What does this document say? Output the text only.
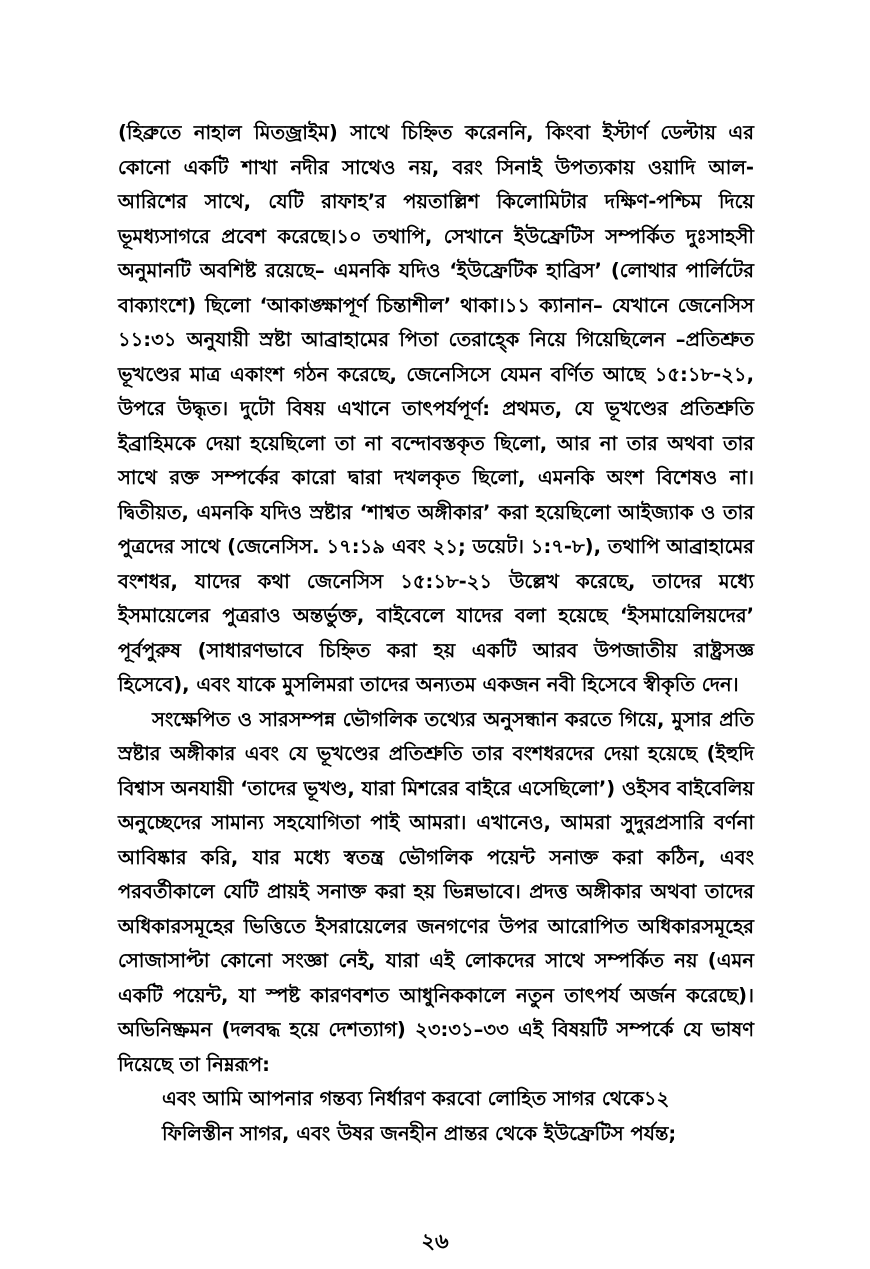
(হিব্রুতে নাহাল মিতজ্রাইম) সাথে চিহ্নিত করেননি, কিংবা ইস্টার্ণ ডেল্টায় এর কোনো একটি শাখা নদীর সাথেও নয়, বরং সিনাই উপত্যকায় ওয়াদি আল-আরিশের সাথে, যেটি রাফাহ’র পয়তাল্লিশ কিলোমিটার দক্ষিণ-পশ্চিম দিয়ে ভূমধ্যসাগরে প্রবেশ করেছে।১০ তথাপি, সেখানে ইউফ্রেটিস সম্পর্কিত দুঃসাহসী অনুমানটি অবশিষ্ট রয়েছে– এমনকি যদিও ‘ইউফ্রেটিক হাব্রিস’ (লোথার পার্লিটের বাক্যাংশে) ছিলো ‘আকাঙ্ক্ষাপূর্ণ চিন্তাশীল’ থাকা।১১ ক্যানান– যেখানে জেনেসিস ১১:৩১ অনুযায়ী স্রষ্টা আব্রাহামের পিতা তেরাহ্কে নিয়ে গিয়েছিলেন –প্রতিশ্রুত ভূখণ্ডের মাত্র একাংশ গঠন করেছে, জেনেসিসে যেমন বর্ণিত আছে ১৫:১৮-২১, উপরে উদ্ধৃত। দুটো বিষয় এখানে তাৎপর্যপূর্ণ: প্রথমত, যে ভূখণ্ডের প্রতিশ্রুতি ইব্রাহিমকে দেয়া হয়েছিলো তা না বন্দোবস্তকৃত ছিলো, আর না তার অথবা তার সাথে রক্ত সম্পর্কের কারো দ্বারা দখলকৃত ছিলো, এমনকি অংশ বিশেষও না। দ্বিতীয়ত, এমনকি যদিও স্রষ্টার ‘শাশ্বত অঙ্গীকার’ করা হয়েছিলো আইজ্যাক ও তার পুত্রদের সাথে (জেনেসিস. ১৭:১৯ এবং ২১; ডয়েট। ১:৭-৮), তথাপি আব্রাহামের বংশধর, যাদের কথা জেনেসিস ১৫:১৮-২১ উল্লেখ করেছে, তাদের মধ্যে ইসমায়েলের পুত্ররাও অন্তর্ভুক্ত, বাইবেলে যাদের বলা হয়েছে ‘ইসমায়েলিয়দের’ পূর্বপুরুষ (সাধারণভাবে চিহ্নিত করা হয় একটি আরব উপজাতীয় রাষ্ট্রসজ্ঞ হিসেবে), এবং যাকে মুসলিমরা তাদের অন্যতম একজন নবী হিসেবে স্বীকৃতি দেন।

সংক্ষেপিত ও সারসম্পন্ন ভৌগলিক তথ্যের অনুসন্ধান করতে গিয়ে, মুসার প্রতি স্রষ্টার অঙ্গীকার এবং যে ভূখণ্ডের প্রতিশ্রুতি তার বংশধরদের দেয়া হয়েছে (ইহুদি বিশ্বাস অনযায়ী ‘তাদের ভূখণ্ড, যারা মিশরের বাইরে এসেছিলো’) ওইসব বাইবেলিয় অনুচ্ছেদের সামান্য সহযোগিতা পাই আমরা। এখানেও, আমরা সুদুরপ্রসারি বর্ণনা আবিষ্কার করি, যার মধ্যে স্বতন্ত্র ভৌগলিক পয়েন্ট সনাক্ত করা কঠিন, এবং পরবর্তীকালে যেটি প্রায়ই সনাক্ত করা হয় ভিন্নভাবে। প্রদত্ত অঙ্গীকার অথবা তাদের অধিকারসমূহের ভিত্তিতে ইসরায়েলের জনগণের উপর আরোপিত অধিকারসমূহের সোজাসাপ্টা কোনো সংজ্ঞা নেই, যারা এই লোকদের সাথে সম্পর্কিত নয় (এমন একটি পয়েন্ট, যা স্পষ্ট কারণবশত আধুনিককালে নতুন তাৎপর্য অর্জন করেছে)। অভিনিষ্ক্রমন (দলবদ্ধ হয়ে দেশত্যাগ) ২৩:৩১–৩৩ এই বিষয়টি সম্পর্কে যে ভাষণ দিয়েছে তা নিম্নরূপ:

এবং আমি আপনার গন্তব্য নির্ধারণ করবো লোহিত সাগর থেকে১২

ফিলিস্তীন সাগর, এবং উষর জনহীন প্রান্তর থেকে ইউফ্রেটিস পর্যন্ত;

২৬
